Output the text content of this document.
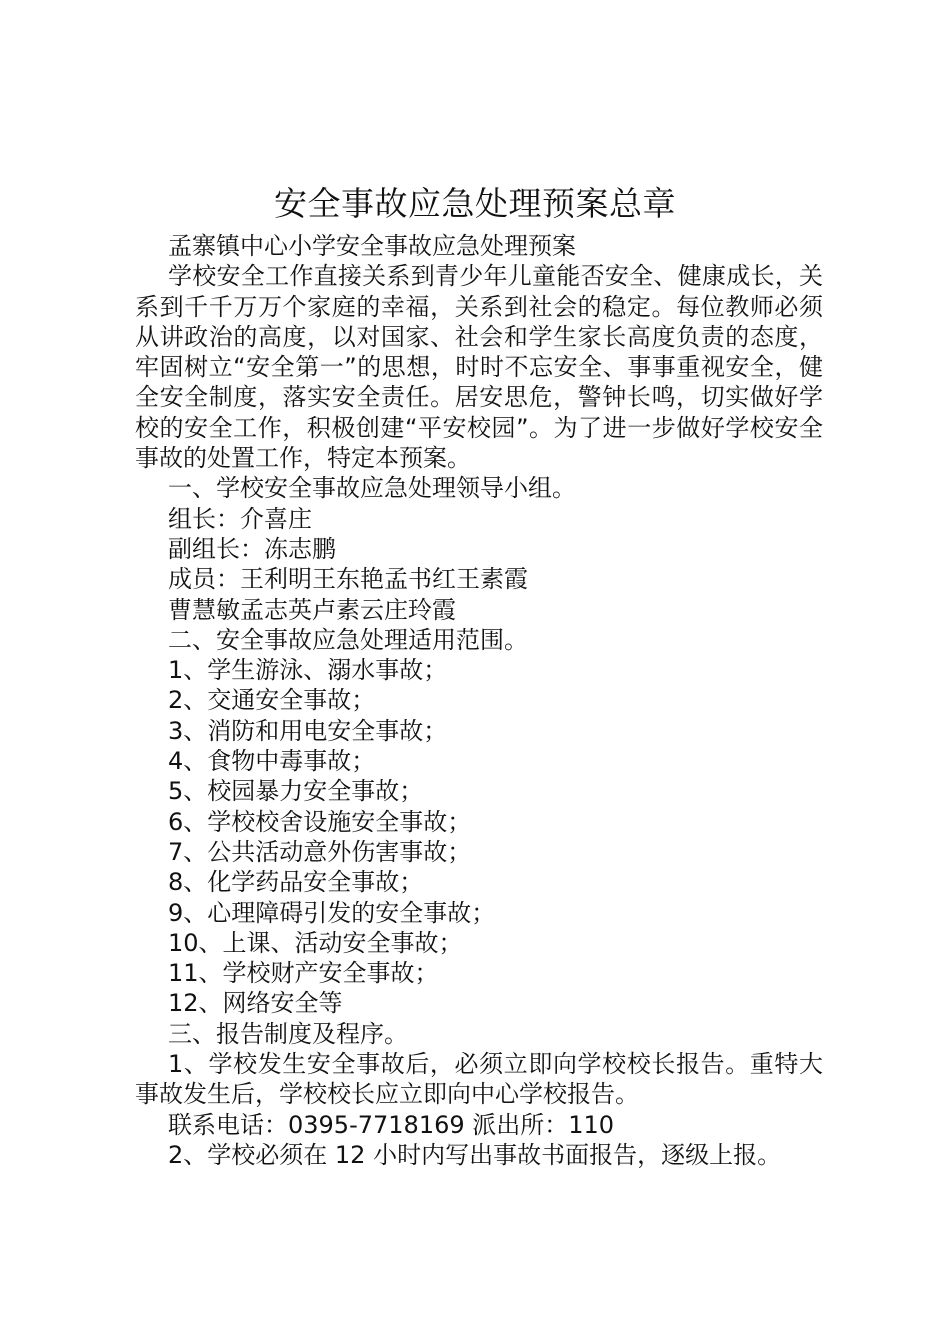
安全事故应急处理预案总章

孟寨镇中心小学安全事故应急处理预案

学校安全工作直接关系到青少年儿童能否安全、健康成长，关系到千千万万个家庭的幸福，关系到社会的稳定。每位教师必须从讲政治的高度，以对国家、社会和学生家长高度负责的态度，牢固树立“安全第一”的思想，时时不忘安全、事事重视安全，健全安全制度，落实安全责任。居安思危，警钟长鸣，切实做好学校的安全工作，积极创建“平安校园”。为了进一步做好学校安全事故的处置工作，特定本预案。

一、学校安全事故应急处理领导小组。

组长：介喜庄

副组长：冻志鹏

成员：王利明王东艳孟书红王素霞

曹慧敏孟志英卢素云庄玲霞

二、安全事故应急处理适用范围。

1、学生游泳、溺水事故；

2、交通安全事故；

3、消防和用电安全事故；

4、食物中毒事故；

5、校园暴力安全事故；

6、学校校舍设施安全事故；

7、公共活动意外伤害事故；

8、化学药品安全事故；

9、心理障碍引发的安全事故；

10、上课、活动安全事故；

11、学校财产安全事故；

12、网络安全等

三、报告制度及程序。

1、学校发生安全事故后，必须立即向学校校长报告。重特大事故发生后，学校校长应立即向中心学校报告。

联系电话：0395-7718169 派出所：110

2、学校必须在 12 小时内写出事故书面报告，逐级上报。
